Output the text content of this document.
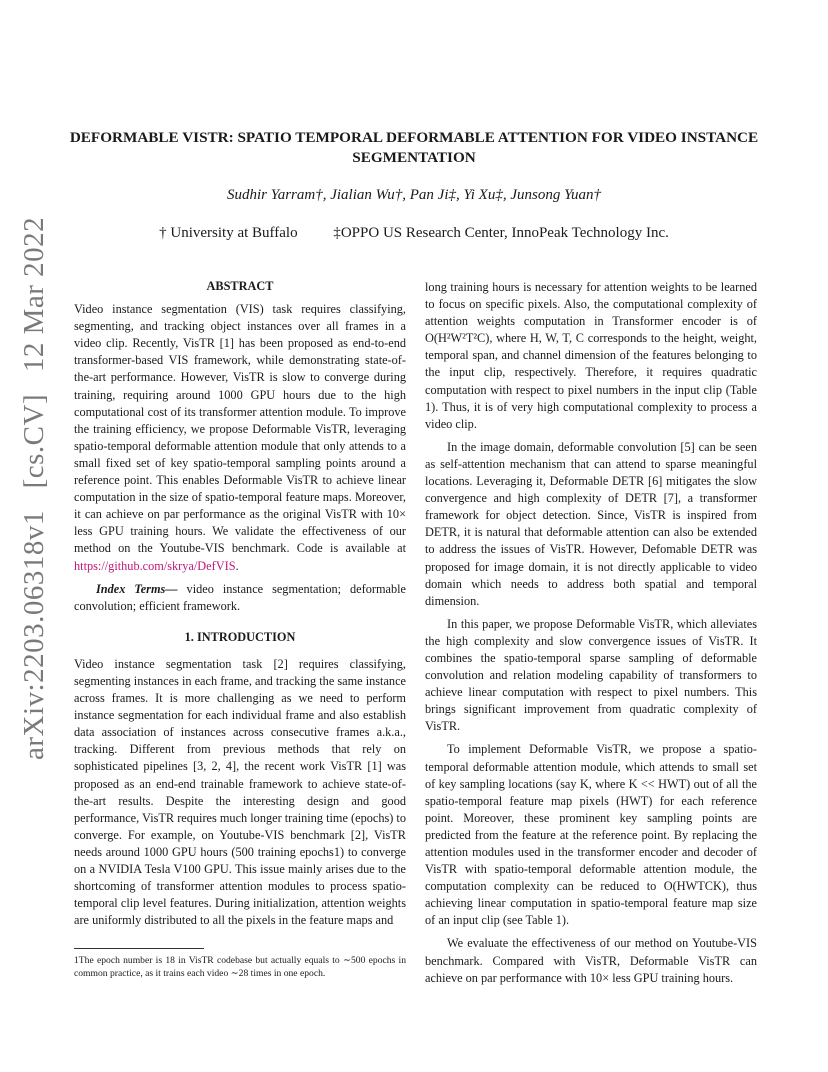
arXiv:2203.06318v1 [cs.CV] 12 Mar 2022
DEFORMABLE VISTR: SPATIO TEMPORAL DEFORMABLE ATTENTION FOR VIDEO INSTANCE SEGMENTATION
Sudhir Yarram†, Jialian Wu†, Pan Ji‡, Yi Xu‡, Junsong Yuan†
† University at Buffalo ‡OPPO US Research Center, InnoPeak Technology Inc.
ABSTRACT

Video instance segmentation (VIS) task requires classifying, segmenting, and tracking object instances over all frames in a video clip. Recently, VisTR [1] has been proposed as end-to-end transformer-based VIS framework, while demonstrating state-of-the-art performance. However, VisTR is slow to converge during training, requiring around 1000 GPU hours due to the high computational cost of its transformer attention module. To improve the training efficiency, we propose Deformable VisTR, leveraging spatio-temporal deformable attention module that only attends to a small fixed set of key spatio-temporal sampling points around a reference point. This enables Deformable VisTR to achieve linear computation in the size of spatio-temporal feature maps. Moreover, it can achieve on par performance as the original VisTR with 10× less GPU training hours. We validate the effectiveness of our method on the Youtube-VIS benchmark. Code is available at https://github.com/skrya/DefVIS.

Index Terms— video instance segmentation; deformable convolution; efficient framework.

1. INTRODUCTION

Video instance segmentation task [2] requires classifying, segmenting instances in each frame, and tracking the same instance across frames. It is more challenging as we need to perform instance segmentation for each individual frame and also establish data association of instances across consecutive frames a.k.a., tracking. Different from previous methods that rely on sophisticated pipelines [3, 2, 4], the recent work VisTR [1] was proposed as an end-end trainable framework to achieve state-of-the-art results. Despite the interesting design and good performance, VisTR requires much longer training time (epochs) to converge. For example, on Youtube-VIS benchmark [2], VisTR needs around 1000 GPU hours (500 training epochs1) to converge on a NVIDIA Tesla V100 GPU. This issue mainly arises due to the shortcoming of transformer attention modules to process spatio-temporal clip level features. During initialization, attention weights are uniformly distributed to all the pixels in the feature maps and

1The epoch number is 18 in VisTR codebase but actually equals to ∼500 epochs in common practice, as it trains each video ∼28 times in one epoch.

long training hours is necessary for attention weights to be learned to focus on specific pixels. Also, the computational complexity of attention weights computation in Transformer encoder is of O(H²W²T²C), where H, W, T, C corresponds to the height, weight, temporal span, and channel dimension of the features belonging to the input clip, respectively. Therefore, it requires quadratic computation with respect to pixel numbers in the input clip (Table 1). Thus, it is of very high computational complexity to process a video clip.

In the image domain, deformable convolution [5] can be seen as self-attention mechanism that can attend to sparse meaningful locations. Leveraging it, Deformable DETR [6] mitigates the slow convergence and high complexity of DETR [7], a transformer framework for object detection. Since, VisTR is inspired from DETR, it is natural that deformable attention can also be extended to address the issues of VisTR. However, Defomable DETR was proposed for image domain, it is not directly applicable to video domain which needs to address both spatial and temporal dimension.

In this paper, we propose Deformable VisTR, which alleviates the high complexity and slow convergence issues of VisTR. It combines the spatio-temporal sparse sampling of deformable convolution and relation modeling capability of transformers to achieve linear computation with respect to pixel numbers. This brings significant improvement from quadratic complexity of VisTR.

To implement Deformable VisTR, we propose a spatio-temporal deformable attention module, which attends to small set of key sampling locations (say K, where K << HWT) out of all the spatio-temporal feature map pixels (HWT) for each reference point. Moreover, these prominent key sampling points are predicted from the feature at the reference point. By replacing the attention modules used in the transformer encoder and decoder of VisTR with spatio-temporal deformable attention module, the computation complexity can be reduced to O(HWTCK), thus achieving linear computation in spatio-temporal feature map size of an input clip (see Table 1).

We evaluate the effectiveness of our method on Youtube-VIS benchmark. Compared with VisTR, Deformable VisTR can achieve on par performance with 10× less GPU training hours.
